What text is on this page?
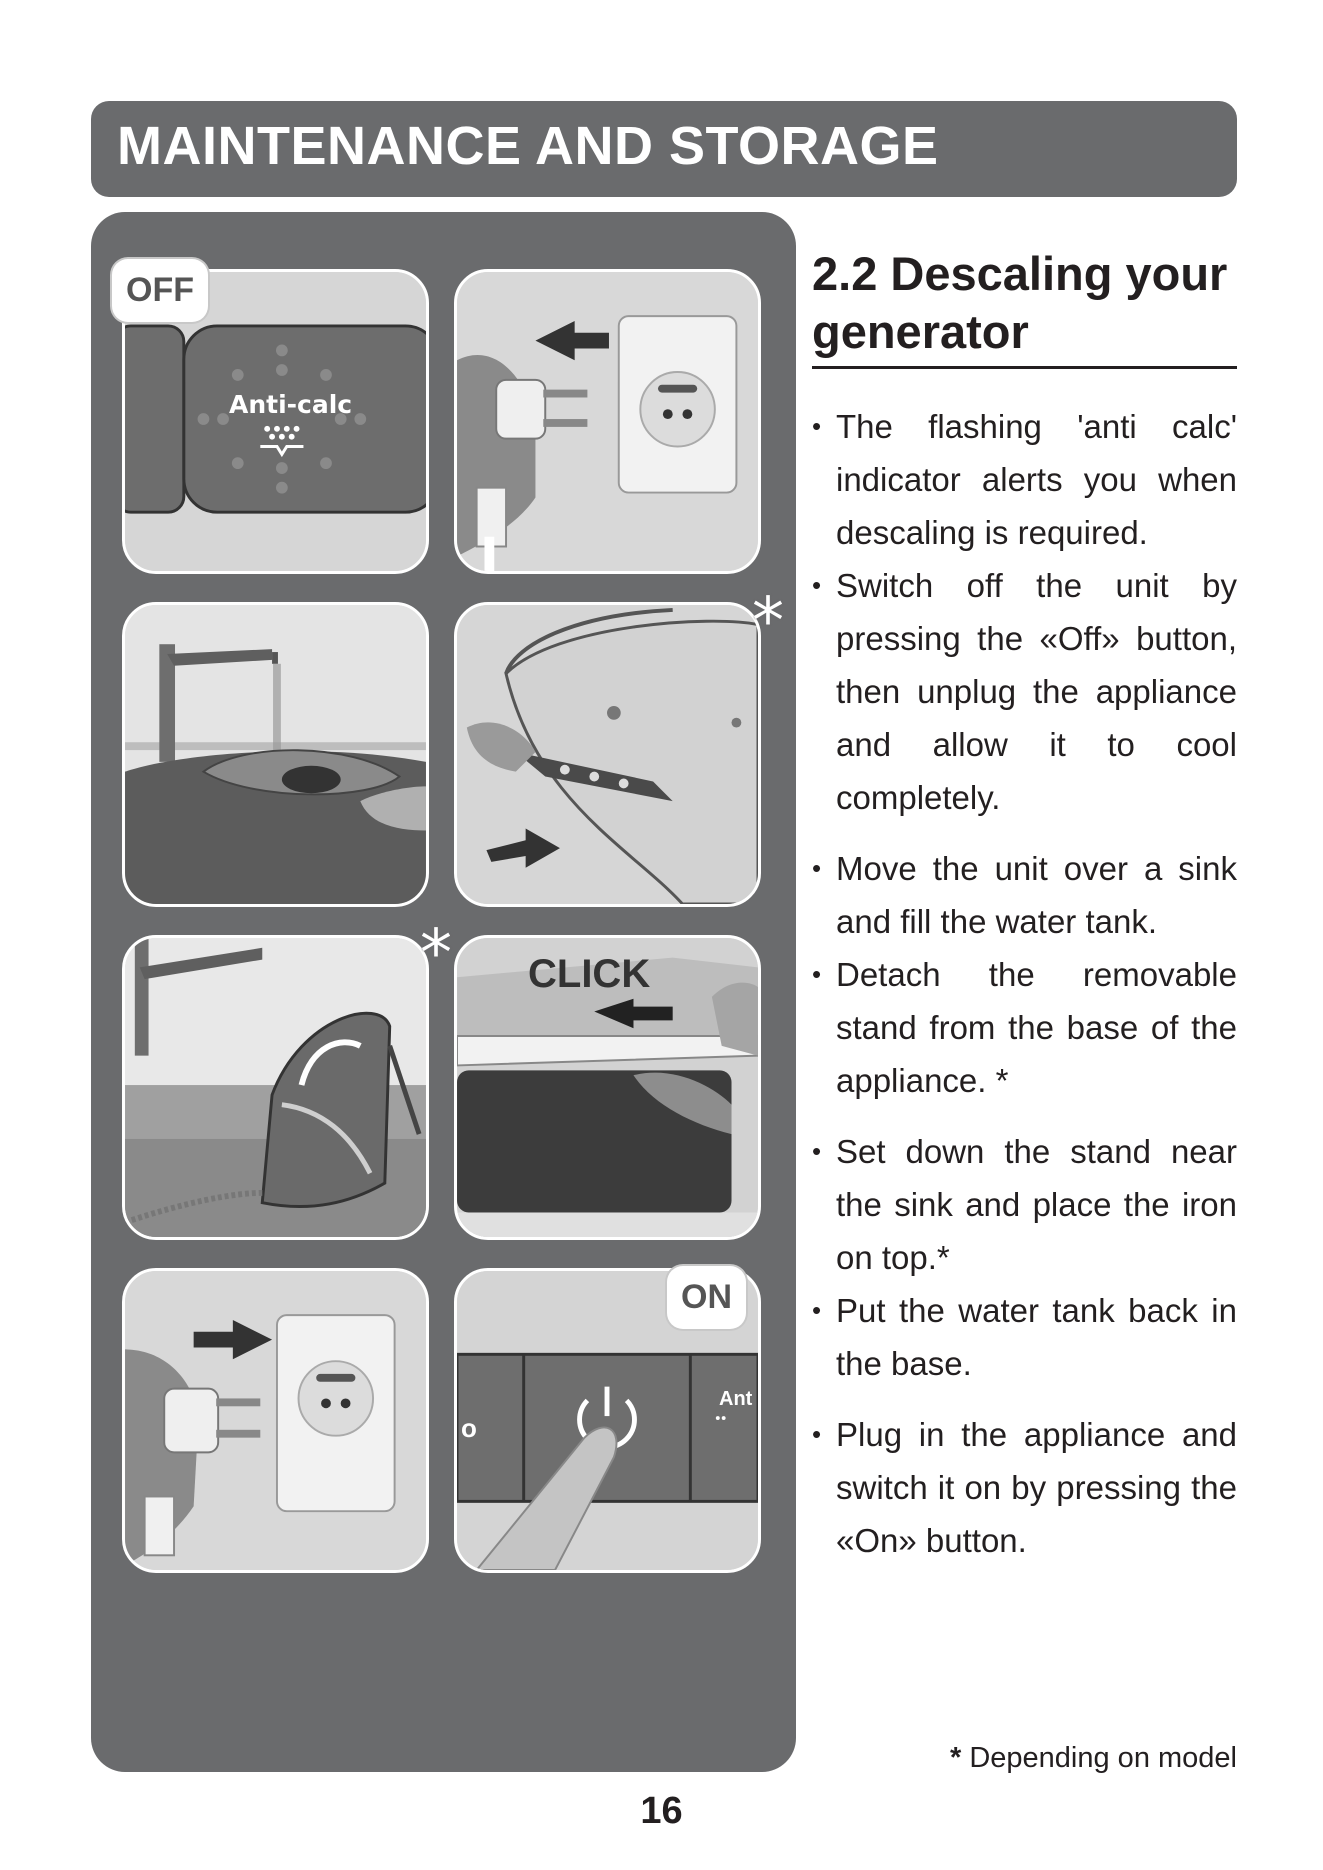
MAINTENANCE AND STORAGE
Anti-calc
OFF
*
* CLICK
o
Ant
ON
2.2 Descaling your generator
• The flashing 'anti calc' indicator alerts you when descaling is required.
• Switch off the unit by pressing the «Off» button, then unplug the appliance and allow it to cool completely.
• Move the unit over a sink and fill the water tank.
• Detach the removable stand from the base of the appliance. *
• Set down the stand near the sink and place the iron on top.*
• Put the water tank back in the base.
• Plug in the appliance and switch it on by pressing the «On» button.
* Depending on model
16
